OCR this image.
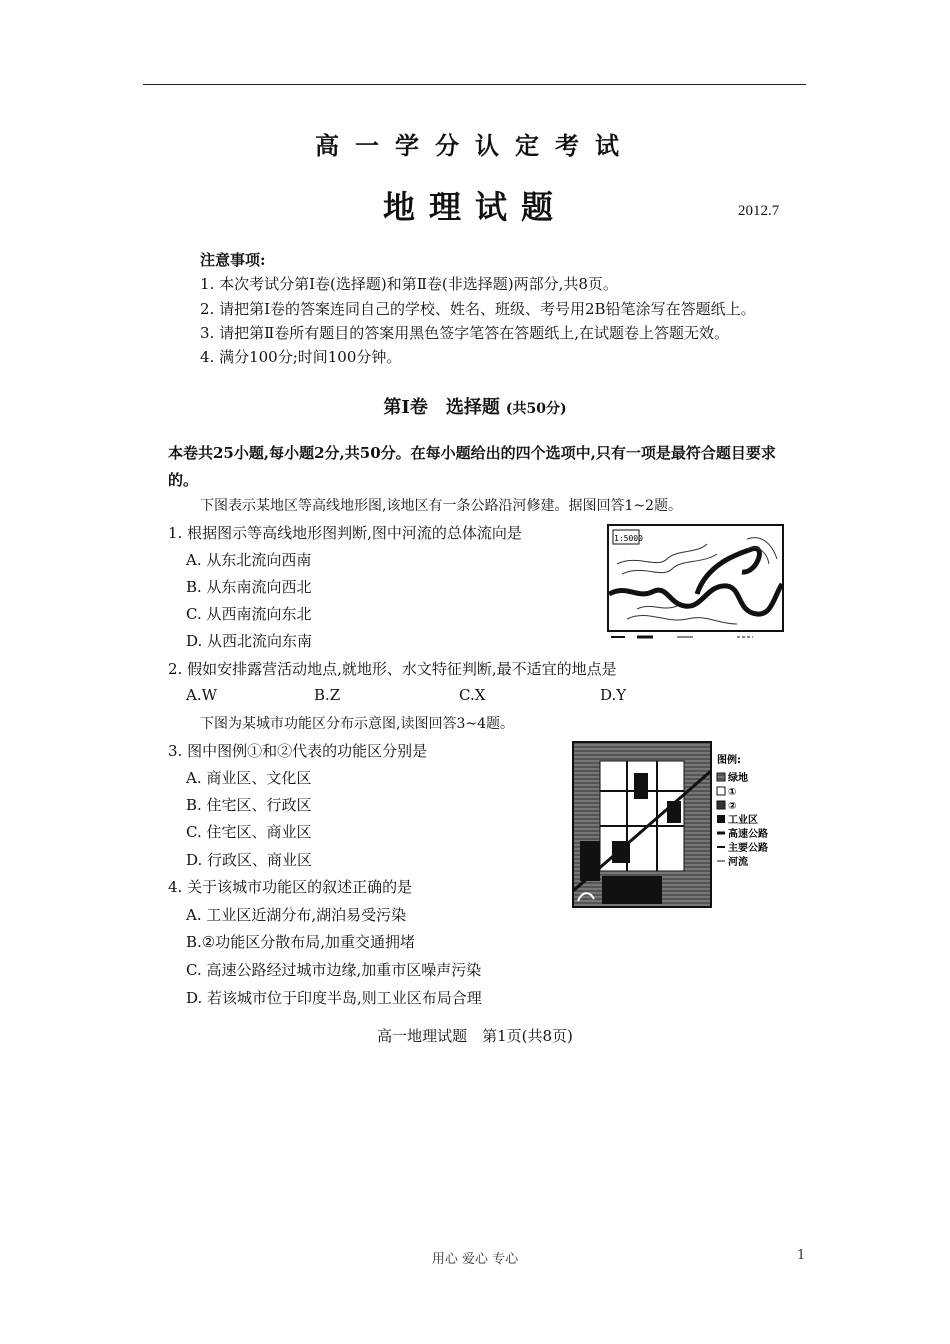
高一学分认定考试
地理试题	2012.7
注意事项:
1. 本次考试分第Ⅰ卷(选择题)和第Ⅱ卷(非选择题)两部分,共8页。
2. 请把第Ⅰ卷的答案连同自己的学校、姓名、班级、考号用2B铅笔涂写在答题纸上。
3. 请把第Ⅱ卷所有题目的答案用黑色签字笔答在答题纸上,在试题卷上答题无效。
4. 满分100分;时间100分钟。
第Ⅰ卷　选择题 (共50分)
本卷共25小题,每小题2分,共50分。在每小题给出的四个选项中,只有一项是最符合题目要求的。
下图表示某地区等高线地形图,该地区有一条公路沿河修建。据图回答1~2题。
1. 根据图示等高线地形图判断,图中河流的总体流向是
A. 从东北流向西南
B. 从东南流向西北
C. 从西南流向东北
D. 从西北流向东南
1:5000
2. 假如安排露营活动地点,就地形、水文特征判断,最不适宜的地点是
A.W	B.Z	C.X	D.Y
下图为某城市功能区分布示意图,读图回答3~4题。
3. 图中图例①和②代表的功能区分别是
A. 商业区、文化区
B. 住宅区、行政区
C. 住宅区、商业区
D. 行政区、商业区
图例:
绿地
①
②
工业区
高速公路
主要公路
河流
4. 关于该城市功能区的叙述正确的是
A. 工业区近湖分布,湖泊易受污染
B.②功能区分散布局,加重交通拥堵
C. 高速公路经过城市边缘,加重市区噪声污染
D. 若该城市位于印度半岛,则工业区布局合理
高一地理试题　第1页(共8页)
用心 爱心 专心	1
